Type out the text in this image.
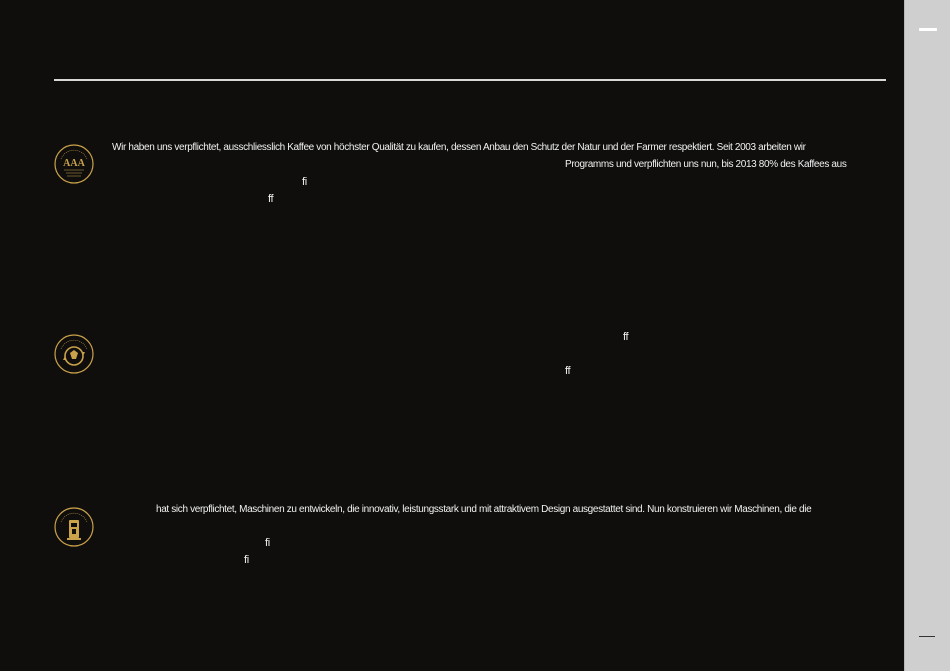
AAA
Wir haben uns verpflichtet, ausschliesslich Kaffee von höchster Qualität zu kaufen, dessen Anbau den Schutz der Natur und der Farmer respektiert. Seit 2003 arbeiten wir
Programms und verpflichten uns nun, bis 2013 80% des Kaffees aus
fi
ff
ff
ff
hat sich verpflichtet, Maschinen zu entwickeln, die innovativ, leistungsstark und mit attraktivem Design ausgestattet sind. Nun konstruieren wir Maschinen, die die
fi
fi
